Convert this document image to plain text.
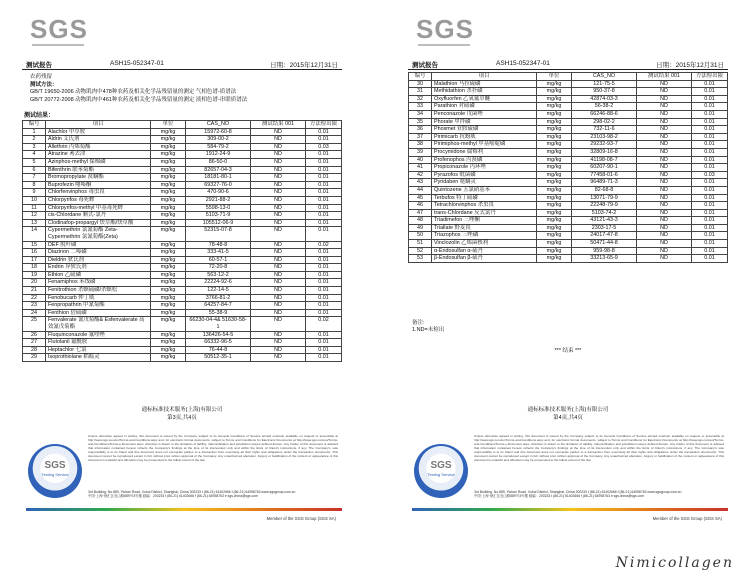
SGS
测试报告	ASH15-052347-01	日期：2015年12月31日
农药残留
测试方法：
GB/T 19650-2006 动物肌肉中478种农药及相关化学品残留量的测定 气相色谱-质谱法
GB/T 20772-2008 动物肌肉中461种农药及相关化学品残留量的测定 液相色谱-串联质谱法
测试结果：
编号	项目	单位	CAS_NO	测试结果 001	方法检出限
1	Alachlor 甲草胺	mg/kg	15972-60-8	ND	0.01
2	Aldrin 艾氏剂	mg/kg	309-00-2	ND	0.01
3	Allethrin 丙烯菊酯	mg/kg	584-79-2	ND	0.03
4	Atrazine 莠去津	mg/kg	1912-24-9	ND	0.01
5	Azinphos-methyl 保棉磷	mg/kg	86-50-0	ND	0.01
6	Bifenthrin 联苯菊酯	mg/kg	82657-04-3	ND	0.01
7	Bromopropylate 溴螨酯	mg/kg	18181-80-1	ND	0.01
8	Buprofezin 噻嗪酮	mg/kg	69327-76-0	ND	0.01
9	Chlorfenvinphos 毒虫畏	mg/kg	470-90-6	ND	0.01
10	Chlorpyrifos 毒死蜱	mg/kg	2921-88-2	ND	0.01
11	Chlorpyrifos-methyl 甲基毒死蜱	mg/kg	5598-13-0	ND	0.01
12	cis-Chlordane 顺式-氯丹	mg/kg	5103-71-9	ND	0.01
13	Clodinafop-propargyl 炔草酯/炔草酸	mg/kg	105512-06-9	ND	0.01
14	Cypermethrin 氯氰菊酯 Zeta-Cypermethrin 氯氰菊酯(Zeta)	mg/kg	52315-07-8	ND	0.01
15	DEF 脱叶磷	mg/kg	78-48-8	ND	0.02
16	Diazinon 二嗪磷	mg/kg	333-41-5	ND	0.01
17	Dieldrin 狄氏剂	mg/kg	60-57-1	ND	0.01
18	Endrin 异狄氏剂	mg/kg	72-20-8	ND	0.01
19	Ethion 乙硫磷	mg/kg	563-12-2	ND	0.01
20	Fenamiphos 苯线磷	mg/kg	22224-92-6	ND	0.01
21	Fenitrothion 杀螟硫磷/杀螟松	mg/kg	122-14-5	ND	0.01
22	Fenobucarb 仲丁威	mg/kg	3766-81-2	ND	0.01
23	Fenpropathrin 甲氰菊酯	mg/kg	64257-84-7	ND	0.01
24	Fenthion 倍硫磷	mg/kg	55-38-9	ND	0.01
25	Fenvalerate 氰戊菊酯& Esfenvalerate 高效氰戊菊酯	mg/kg	66230-04-4& 51630-58-1	ND	0.02
26	Fluquinconazole 氟喹唑	mg/kg	136426-54-5	ND	0.01
27	Flutolanil 氟酰胺	mg/kg	66332-96-5	ND	0.01
28	Heptachlor 七氯	mg/kg	76-44-8	ND	0.01
29	Isoprothiolane 稻瘟灵	mg/kg	50512-35-1	ND	0.01
通标标准技术服务(上海)有限公司
第3页,共4页
SGS
Testing Service
Unless otherwise agreed in writing, this document is issued by the Company subject to its General Conditions of Service printed overleaf, available on request or accessible at http://www.sgs.com/en/Terms-and-Conditions.aspx and, for electronic format documents, subject to Terms and Conditions for Electronic Documents at http://www.sgs.com/en/Terms-and-Conditions/Terms-e-Document.aspx. Attention is drawn to the limitation of liability, indemnification and jurisdiction issues defined therein. Any holder of this document is advised that information contained hereon reflects the Company's findings at the time of its intervention only and within the limits of Client's instructions, if any. The Company's sole responsibility is to its Client and this document does not exonerate parties to a transaction from exercising all their rights and obligations under the transaction documents. This document cannot be reproduced except in full, without prior written approval of the Company. Any unauthorized alteration, forgery or falsification of the content or appearance of this document is unlawful and offenders may be prosecuted to the fullest extent of the law.
3rd Building, No.889, Yishan Road, Xuhui District, Shanghai, China 200233 t (86-21) 61402666 f (86-21) 64958763 www.sgsgroup.com.cn
中国·上海·徐汇区宜山路889号3号楼 邮编：200233 t (86-21) 61402666 f (86-21) 64958763 e sgs.china@sgs.com
Member of the SGS Group (SGS SA)
SGS
测试报告	ASH15-052347-01	日期：2015年12月31日
编号	项目	单位	CAS_NO	测试结果 001	方法检出限
30	Malathion 马拉硫磷	mg/kg	121-75-5	ND	0.01
31	Methidathion 杀扑磷	mg/kg	950-37-8	ND	0.01
32	Oxyfluorfen 乙氧氟草醚	mg/kg	42874-03-3	ND	0.01
33	Parathion 对硫磷	mg/kg	56-38-2	ND	0.01
34	Penconazole 戊菌唑	mg/kg	66246-88-6	ND	0.01
35	Phorate 甲拌磷	mg/kg	298-02-2	ND	0.01
36	Phosmet 亚胺硫磷	mg/kg	732-11-6	ND	0.01
37	Pirimicarb 抗蚜威	mg/kg	23103-98-2	ND	0.01
38	Pirimiphos-methyl 甲基嘧啶磷	mg/kg	29232-93-7	ND	0.01
39	Procymidone 腐霉利	mg/kg	32809-16-8	ND	0.01
40	Profenophos 丙溴磷	mg/kg	41198-08-7	ND	0.01
41	Propiconazole 丙环唑	mg/kg	60207-90-1	ND	0.01
42	Pyrazofos 吡菌磷	mg/kg	77458-01-6	ND	0.03
43	Pyridaben 哒螨灵	mg/kg	96489-71-3	ND	0.01
44	Quintozene 五氯硝基苯	mg/kg	82-68-8	ND	0.01
45	Terbufos 特丁硫磷	mg/kg	13071-79-9	ND	0.01
46	Tetrachlorvinphos 杀虫畏	mg/kg	22248-79-9	ND	0.01
47	trans-Chlordane 反式氯丹	mg/kg	5103-74-2	ND	0.01
48	Triadimefon 三唑酮	mg/kg	43121-43-3	ND	0.01
49	Triallate 野麦畏	mg/kg	2303-17-5	ND	0.01
50	Triazophos 三唑磷	mg/kg	24017-47-8	ND	0.01
51	Vinclozolin 乙烯菌核利	mg/kg	50471-44-8	ND	0.01
52	α-Endosulfan α-硫丹	mg/kg	959-98-8	ND	0.01
53	β-Endosulfan β-硫丹	mg/kg	33213-65-9	ND	0.01
备注:
1.ND=未检出
*** 结束 ***
通标标准技术服务(上海)有限公司
第4页,共4页
SGS
Testing Service
Unless otherwise agreed in writing, this document is issued by the Company subject to its General Conditions of Service printed overleaf, available on request or accessible at http://www.sgs.com/en/Terms-and-Conditions.aspx and, for electronic format documents, subject to Terms and Conditions for Electronic Documents at http://www.sgs.com/en/Terms-and-Conditions/Terms-e-Document.aspx. Attention is drawn to the limitation of liability, indemnification and jurisdiction issues defined therein. Any holder of this document is advised that information contained hereon reflects the Company's findings at the time of its intervention only and within the limits of Client's instructions, if any. The Company's sole responsibility is to its Client and this document does not exonerate parties to a transaction from exercising all their rights and obligations under the transaction documents. This document cannot be reproduced except in full, without prior written approval of the Company. Any unauthorized alteration, forgery or falsification of the content or appearance of this document is unlawful and offenders may be prosecuted to the fullest extent of the law.
3rd Building, No.889, Yishan Road, Xuhui District, Shanghai, China 200233 t (86-21) 61402666 f (86-21) 64958763 www.sgsgroup.com.cn
中国·上海·徐汇区宜山路889号3号楼 邮编：200233 t (86-21) 61402666 f (86-21) 64958763 e sgs.china@sgs.com
Member of the SGS Group (SGS SA)
Nimicollagen
